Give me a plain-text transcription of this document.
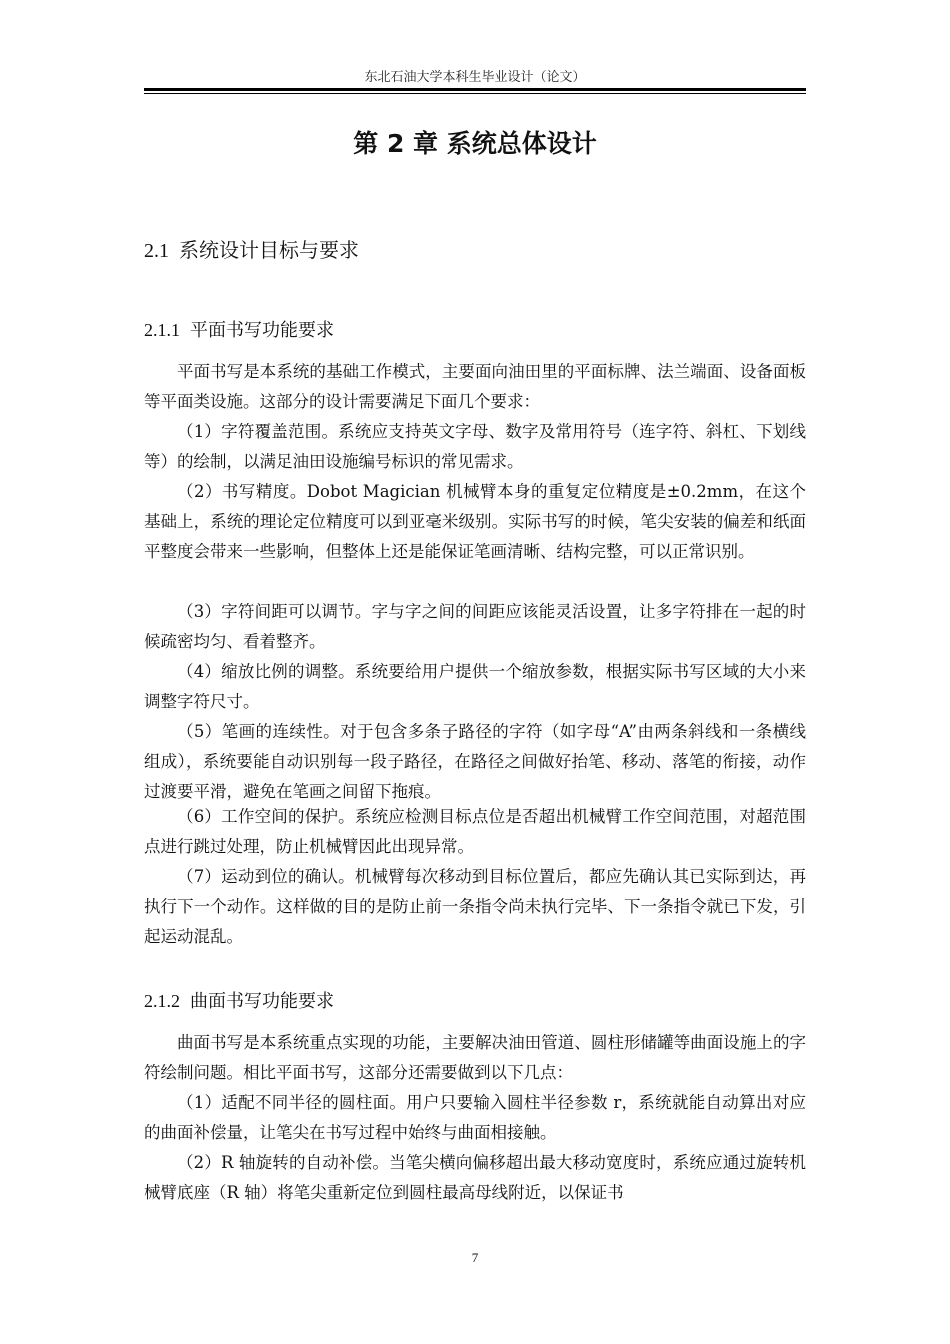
东北石油大学本科生毕业设计（论文）
第 2 章 系统总体设计
2.1 系统设计目标与要求
2.1.1 平面书写功能要求

平面书写是本系统的基础工作模式，主要面向油田里的平面标牌、法兰端面、设备面板等平面类设施。这部分的设计需要满足下面几个要求：

（1）字符覆盖范围。系统应支持英文字母、数字及常用符号（连字符、斜杠、下划线等）的绘制，以满足油田设施编号标识的常见需求。

（2）书写精度。Dobot Magician 机械臂本身的重复定位精度是±0.2mm，在这个基础上，系统的理论定位精度可以到亚毫米级别。实际书写的时候，笔尖安装的偏差和纸面平整度会带来一些影响，但整体上还是能保证笔画清晰、结构完整，可以正常识别。

（3）字符间距可以调节。字与字之间的间距应该能灵活设置，让多字符排在一起的时候疏密均匀、看着整齐。

（4）缩放比例的调整。系统要给用户提供一个缩放参数，根据实际书写区域的大小来调整字符尺寸。

（5）笔画的连续性。对于包含多条子路径的字符（如字母“A”由两条斜线和一条横线组成），系统要能自动识别每一段子路径，在路径之间做好抬笔、移动、落笔的衔接，动作过渡要平滑，避免在笔画之间留下拖痕。

（6）工作空间的保护。系统应检测目标点位是否超出机械臂工作空间范围，对超范围点进行跳过处理，防止机械臂因此出现异常。

（7）运动到位的确认。机械臂每次移动到目标位置后，都应先确认其已实际到达，再执行下一个动作。这样做的目的是防止前一条指令尚未执行完毕、下一条指令就已下发，引起运动混乱。

2.1.2 曲面书写功能要求

曲面书写是本系统重点实现的功能，主要解决油田管道、圆柱形储罐等曲面设施上的字符绘制问题。相比平面书写，这部分还需要做到以下几点：

（1）适配不同半径的圆柱面。用户只要输入圆柱半径参数 r，系统就能自动算出对应的曲面补偿量，让笔尖在书写过程中始终与曲面相接触。

（2）R 轴旋转的自动补偿。当笔尖横向偏移超出最大移动宽度时，系统应通过旋转机械臂底座（R 轴）将笔尖重新定位到圆柱最高母线附近，以保证书

7
